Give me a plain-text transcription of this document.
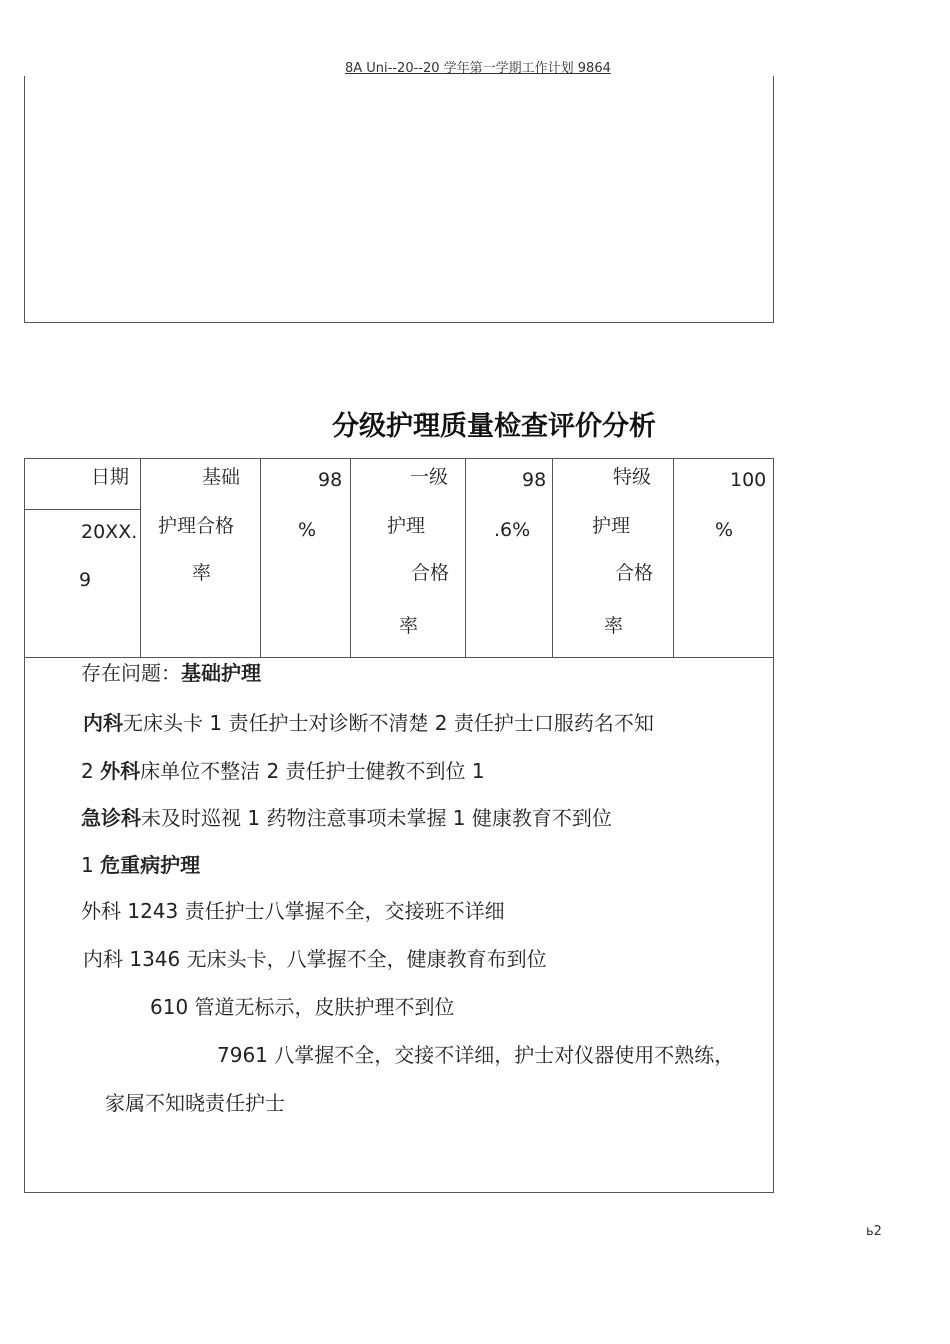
8A Uni--20--20 学年第一学期工作计划 9864
分级护理质量检查评价分析
日期
20XX.
9
基础
护理合格
率
98
%
一级
护理
合格
率
98
.6%
特级
护理
合格
率
100
%
存在问题：基础护理
内科无床头卡 1 责任护士对诊断不清楚 2 责任护士口服药名不知
2 外科床单位不整洁 2 责任护士健教不到位 1
急诊科未及时巡视 1 药物注意事项未掌握 1 健康教育不到位
1 危重病护理
外科 1243 责任护士八掌握不全，交接班不详细
内科 1346 无床头卡，八掌握不全，健康教育布到位
610 管道无标示，皮肤护理不到位
7961 八掌握不全，交接不详细，护士对仪器使用不熟练，
家属不知晓责任护士
ь2
